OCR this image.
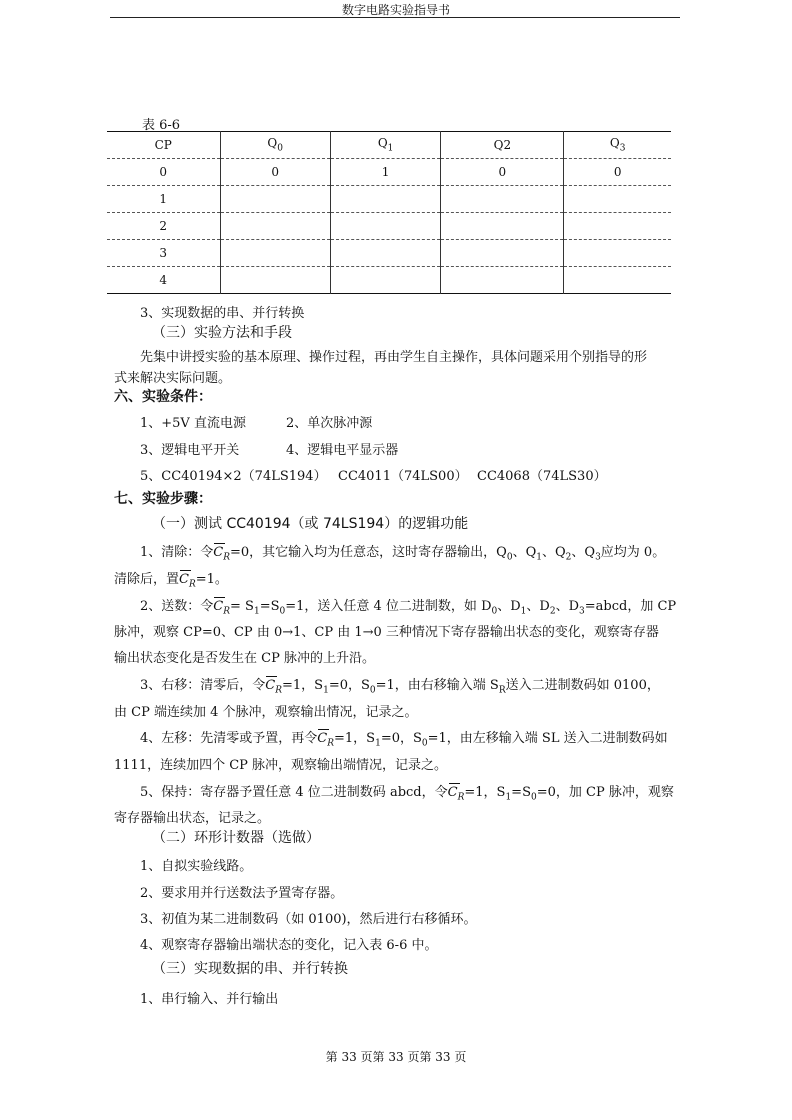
数字电路实验指导书
表 6-6
CP	$Q_0$	$Q_1$	Q2	$Q_3$
0	0	1	0	0
1				
2				
3				
4				
3、实现数据的串、并行转换
（三）实验方法和手段
先集中讲授实验的基本原理、操作过程，再由学生自主操作，具体问题采用个别指导的形
式来解决实际问题。
六、实验条件：
1、+5V 直流电源	2、单次脉冲源
3、逻辑电平开关	4、逻辑电平显示器
5、CC40194×2（74LS194） CC4011（74LS00） CC4068（74LS30）
七、实验步骤：
（一）测试 CC40194（或 74LS194）的逻辑功能
1、清除：令
$C_R=0$，其它输入均为任意态，这时寄存器输出，$Q_0$、$Q_1$、$Q_2$、$Q_3$应均为 0。
清除后，置
$C_R=1$。
2、送数：令
$C_R= S_1=S_0=1$，送入任意 4 位二进制数，如 $D_0$、$D_1$、$D_2$、$D_3=abcd$，加 CP
脉冲，观察 CP=0、CP 由 0→1、CP 由 1→0 三种情况下寄存器输出状态的变化，观察寄存器
输出状态变化是否发生在 CP 脉冲的上升沿。
3、右移：清零后，令
$C_R=1$，$S_1=0$，$S_0=1$，由右移输入端 $S_R$送入二进制数码如 0100，
由 CP 端连续加 4 个脉冲，观察输出情况，记录之。
4、左移：先清零或予置，再令
$C_R=1$，$S_1=0$，$S_0=1$，由左移输入端 SL 送入二进制数码如
1111，连续加四个 CP 脉冲，观察输出端情况，记录之。
5、保持：寄存器予置任意 4 位二进制数码 abcd，令
$C_R=1$，$S_1=S_0=0$，加 CP 脉冲，观察
寄存器输出状态，记录之。
（二）环形计数器（选做）
1、自拟实验线路。
2、要求用并行送数法予置寄存器。
3、初值为某二进制数码（如 0100)，然后进行右移循环。
4、观察寄存器输出端状态的变化，记入表 6-6 中。
（三）实现数据的串、并行转换
1、串行输入、并行输出
第 33 页第 33 页第 33 页
